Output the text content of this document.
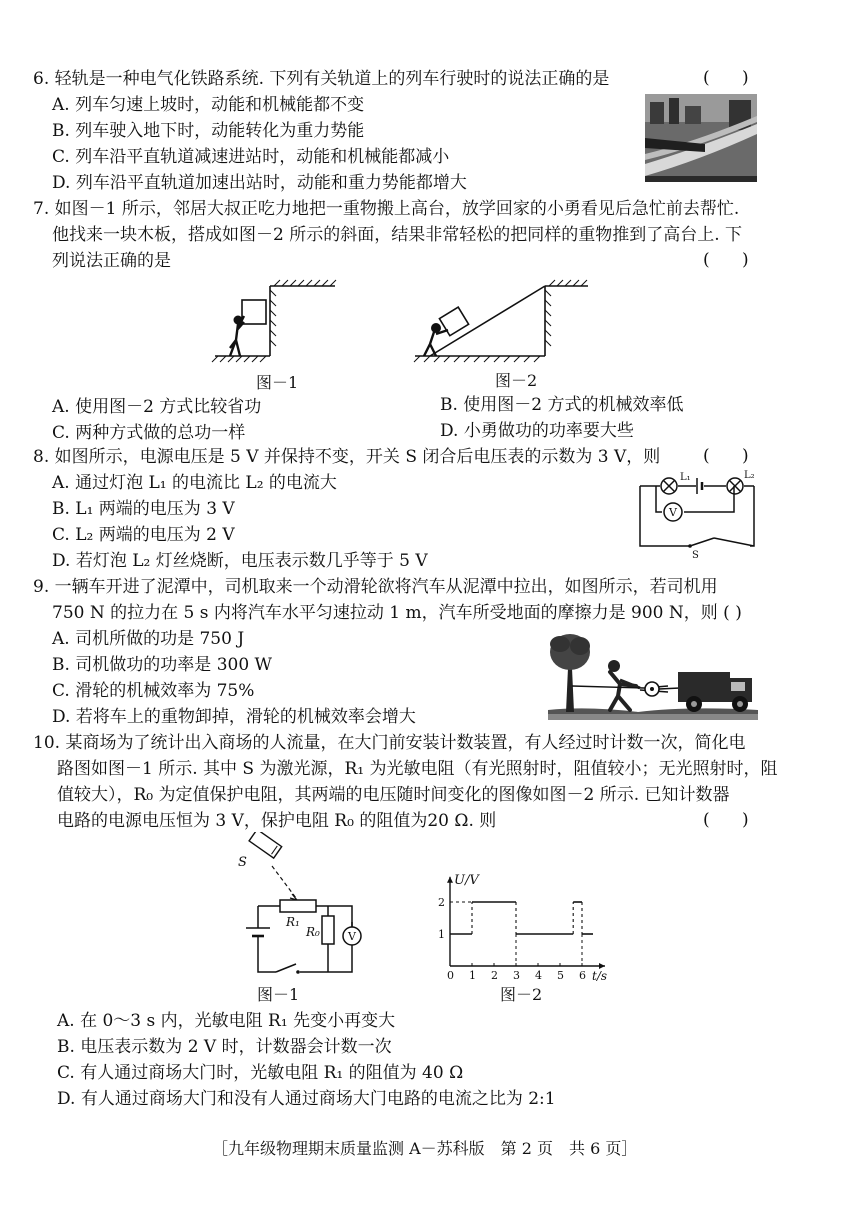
6. 轻轨是一种电气化铁路系统. 下列有关轨道上的列车行驶时的说法正确的是	(      )
A. 列车匀速上坡时，动能和机械能都不变
B. 列车驶入地下时，动能转化为重力势能
C. 列车沿平直轨道减速进站时，动能和机械能都减小
D. 列车沿平直轨道加速出站时，动能和重力势能都增大
7. 如图－1 所示，邻居大叔正吃力地把一重物搬上高台，放学回家的小勇看见后急忙前去帮忙.
他找来一块木板，搭成如图－2 所示的斜面，结果非常轻松的把同样的重物推到了高台上. 下
列说法正确的是	(      )
图－1	图－2
A. 使用图－2 方式比较省功	B. 使用图－2 方式的机械效率低
C. 两种方式做的总功一样	D. 小勇做功的功率要大些
8. 如图所示，电源电压是 5 V 并保持不变，开关 S 闭合后电压表的示数为 3 V，则	(      )
A. 通过灯泡 L₁ 的电流比 L₂ 的电流大
B. L₁ 两端的电压为 3 V
C. L₂ 两端的电压为 2 V
D. 若灯泡 L₂ 灯丝烧断，电压表示数几乎等于 5 V
L₁	L₂
V
S
9. 一辆车开进了泥潭中，司机取来一个动滑轮欲将汽车从泥潭中拉出，如图所示，若司机用
750 N 的拉力在 5 s 内将汽车水平匀速拉动 1 m，汽车所受地面的摩擦力是 900 N，则 ( )
A. 司机所做的功是 750 J
B. 司机做功的功率是 300 W
C. 滑轮的机械效率为 75%
D. 若将车上的重物卸掉，滑轮的机械效率会增大
10. 某商场为了统计出入商场的人流量，在大门前安装计数装置，有人经过时计数一次，简化电
路图如图－1 所示. 其中 S 为激光源，R₁ 为光敏电阻（有光照射时，阻值较小；无光照射时，阻
值较大），R₀ 为定值保护电阻，其两端的电压随时间变化的图像如图－2 所示. 已知计数器
电路的电源电压恒为 3 V，保护电阻 R₀ 的阻值为20 Ω. 则	(      )
S
V
R₁
R₀
图－1
U/V
t/s
0 1 2 3 4 5 6
1
2
图－2
A. 在 0～3 s 内，光敏电阻 R₁ 先变小再变大
B. 电压表示数为 2 V 时，计数器会计数一次
C. 有人通过商场大门时，光敏电阻 R₁ 的阻值为 40 Ω
D. 有人通过商场大门和没有人通过商场大门电路的电流之比为 2:1
［九年级物理期末质量监测 A－苏科版　第 2 页　共 6 页］
